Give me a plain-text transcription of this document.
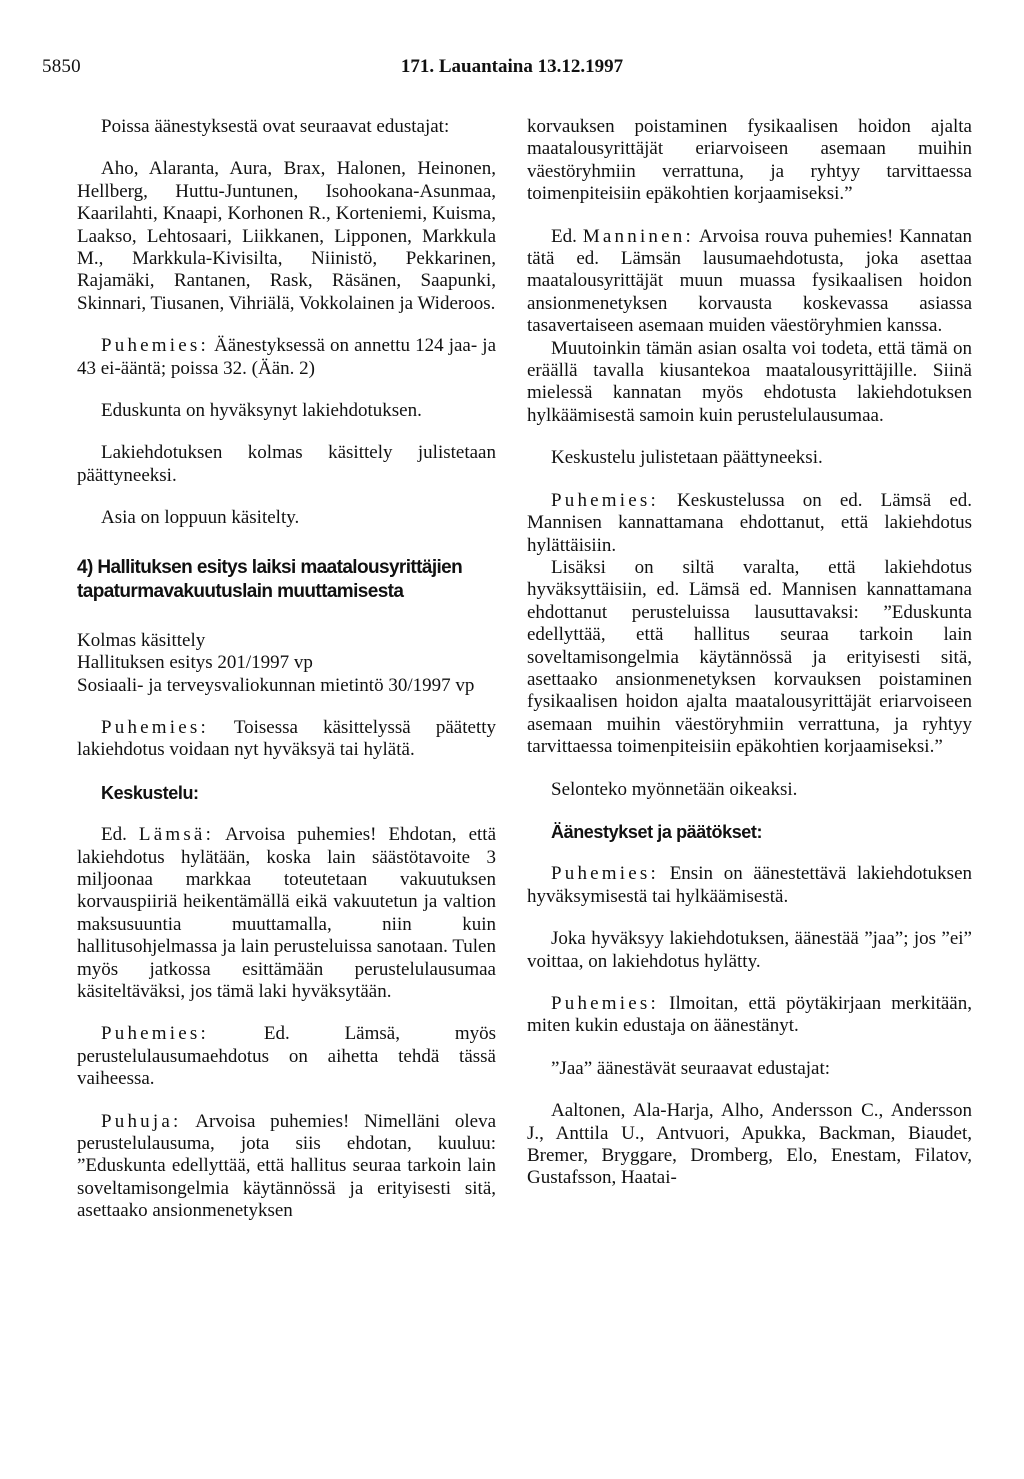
5850	171. Lauantaina 13.12.1997

Poissa äänestyksestä ovat seuraavat edustajat:

Aho, Alaranta, Aura, Brax, Halonen, Heinonen, Hellberg, Huttu-Juntunen, Isohookana-Asunmaa, Kaarilahti, Knaapi, Korhonen R., Korteniemi, Kuisma, Laakso, Lehtosaari, Liikkanen, Lipponen, Markkula M., Markkula-Kivisilta, Niinistö, Pekkarinen, Rajamäki, Rantanen, Rask, Räsänen, Saapunki, Skinnari, Tiusanen, Vihriälä, Vokkolainen ja Wideroos.

Puhemies: Äänestyksessä on annettu 124 jaa- ja 43 ei-ääntä; poissa 32. (Ään. 2)

Eduskunta on hyväksynyt lakiehdotuksen.

Lakiehdotuksen kolmas käsittely julistetaan päättyneeksi.

Asia on loppuun käsitelty.

4) Hallituksen esitys laiksi maatalousyrittäjien tapaturmavakuutuslain muuttamisesta

Kolmas käsittely

Hallituksen esitys 201/1997 vp

Sosiaali- ja terveysvaliokunnan mietintö 30/1997 vp

Puhemies: Toisessa käsittelyssä päätetty lakiehdotus voidaan nyt hyväksyä tai hylätä.

Keskustelu:

Ed. Lämsä: Arvoisa puhemies! Ehdotan, että lakiehdotus hylätään, koska lain säästötavoite 3 miljoonaa markkaa toteutetaan vakuutuksen korvauspiiriä heikentämällä eikä vakuutetun ja valtion maksusuuntia muuttamalla, niin kuin hallitusohjelmassa ja lain perusteluissa sanotaan. Tulen myös jatkossa esittämään perustelulausumaa käsiteltäväksi, jos tämä laki hyväksytään.

Puhemies:	Ed. Lämsä, myös perustelulausumaehdotus on aihetta tehdä tässä vaiheessa.

Puhuja: Arvoisa puhemies! Nimelläni oleva perustelulausuma, jota siis ehdotan, kuuluu: ”Eduskunta edellyttää, että hallitus seuraa tarkoin lain soveltamisongelmia käytännössä ja erityisesti sitä, asettaako ansionmenetyksen

korvauksen poistaminen fysikaalisen hoidon ajalta maatalousyrittäjät eriarvoiseen asemaan muihin väestöryhmiin verrattuna, ja ryhtyy tarvittaessa toimenpiteisiin epäkohtien korjaamiseksi.”

Ed. Manninen: Arvoisa rouva puhemies! Kannatan tätä ed. Lämsän lausumaehdotusta, joka asettaa maatalousyrittäjät muun muassa fysikaalisen hoidon ansionmenetyksen korvausta koskevassa asiassa tasavertaiseen asemaan muiden väestöryhmien kanssa.

Muutoinkin tämän asian osalta voi todeta, että tämä on eräällä tavalla kiusantekoa maatalousyrittäjille. Siinä mielessä kannatan myös ehdotusta lakiehdotuksen hylkäämisestä samoin kuin perustelulausumaa.

Keskustelu julistetaan päättyneeksi.

Puhemies: Keskustelussa on ed. Lämsä ed. Mannisen kannattamana ehdottanut, että lakiehdotus hylättäisiin.

Lisäksi on siltä varalta, että lakiehdotus hyväksyttäisiin, ed. Lämsä ed. Mannisen kannattamana ehdottanut perusteluissa lausuttavaksi: ”Eduskunta edellyttää, että hallitus seuraa tarkoin lain soveltamisongelmia käytännössä ja erityisesti sitä, asettaako ansionmenetyksen korvauksen poistaminen fysikaalisen hoidon ajalta maatalousyrittäjät eriarvoiseen asemaan muihin väestöryhmiin verrattuna, ja ryhtyy tarvittaessa toimenpiteisiin epäkohtien korjaamiseksi.”

Selonteko myönnetään oikeaksi.

Äänestykset ja päätökset:

Puhemies: Ensin on äänestettävä lakiehdotuksen hyväksymisestä tai hylkäämisestä.

Joka hyväksyy lakiehdotuksen, äänestää ”jaa”; jos ”ei” voittaa, on lakiehdotus hylätty.

Puhemies: Ilmoitan, että pöytäkirjaan merkitään, miten kukin edustaja on äänestänyt.

”Jaa” äänestävät seuraavat edustajat:

Aaltonen, Ala-Harja, Alho, Andersson C., Andersson J., Anttila U., Antvuori, Apukka, Backman, Biaudet, Bremer, Bryggare, Dromberg, Elo, Enestam, Filatov, Gustafsson, Haatai-
